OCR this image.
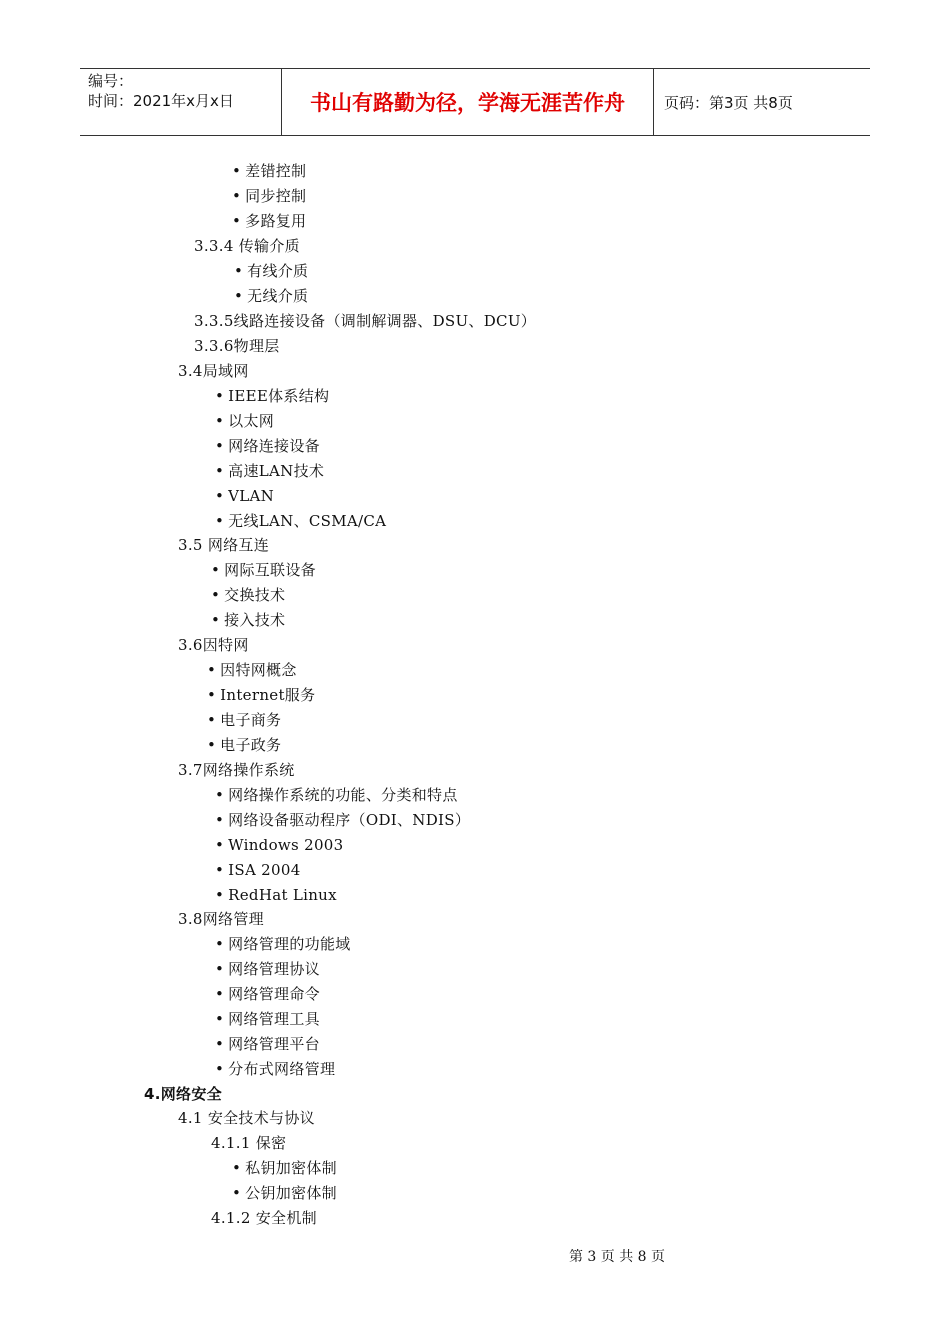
编号：
时间：2021年x月x日	书山有路勤为径，学海无涯苦作舟	页码：第3页 共8页
• 差错控制
• 同步控制
• 多路复用
3.3.4 传输介质
• 有线介质
• 无线介质
3.3.5线路连接设备（调制解调器、DSU、DCU）
3.3.6物理层
3.4局域网
• IEEE体系结构
• 以太网
• 网络连接设备
• 高速LAN技术
• VLAN
• 无线LAN、CSMA/CA
3.5 网络互连
• 网际互联设备
• 交换技术
• 接入技术
3.6因特网
• 因特网概念
• Internet服务
• 电子商务
• 电子政务
3.7网络操作系统
• 网络操作系统的功能、分类和特点
• 网络设备驱动程序（ODI、NDIS）
• Windows 2003
• ISA 2004
• RedHat Linux
3.8网络管理
• 网络管理的功能域
• 网络管理协议
• 网络管理命令
• 网络管理工具
• 网络管理平台
• 分布式网络管理
4.网络安全
4.1 安全技术与协议
4.1.1 保密
• 私钥加密体制
• 公钥加密体制
4.1.2 安全机制
第 3 页 共 8 页
